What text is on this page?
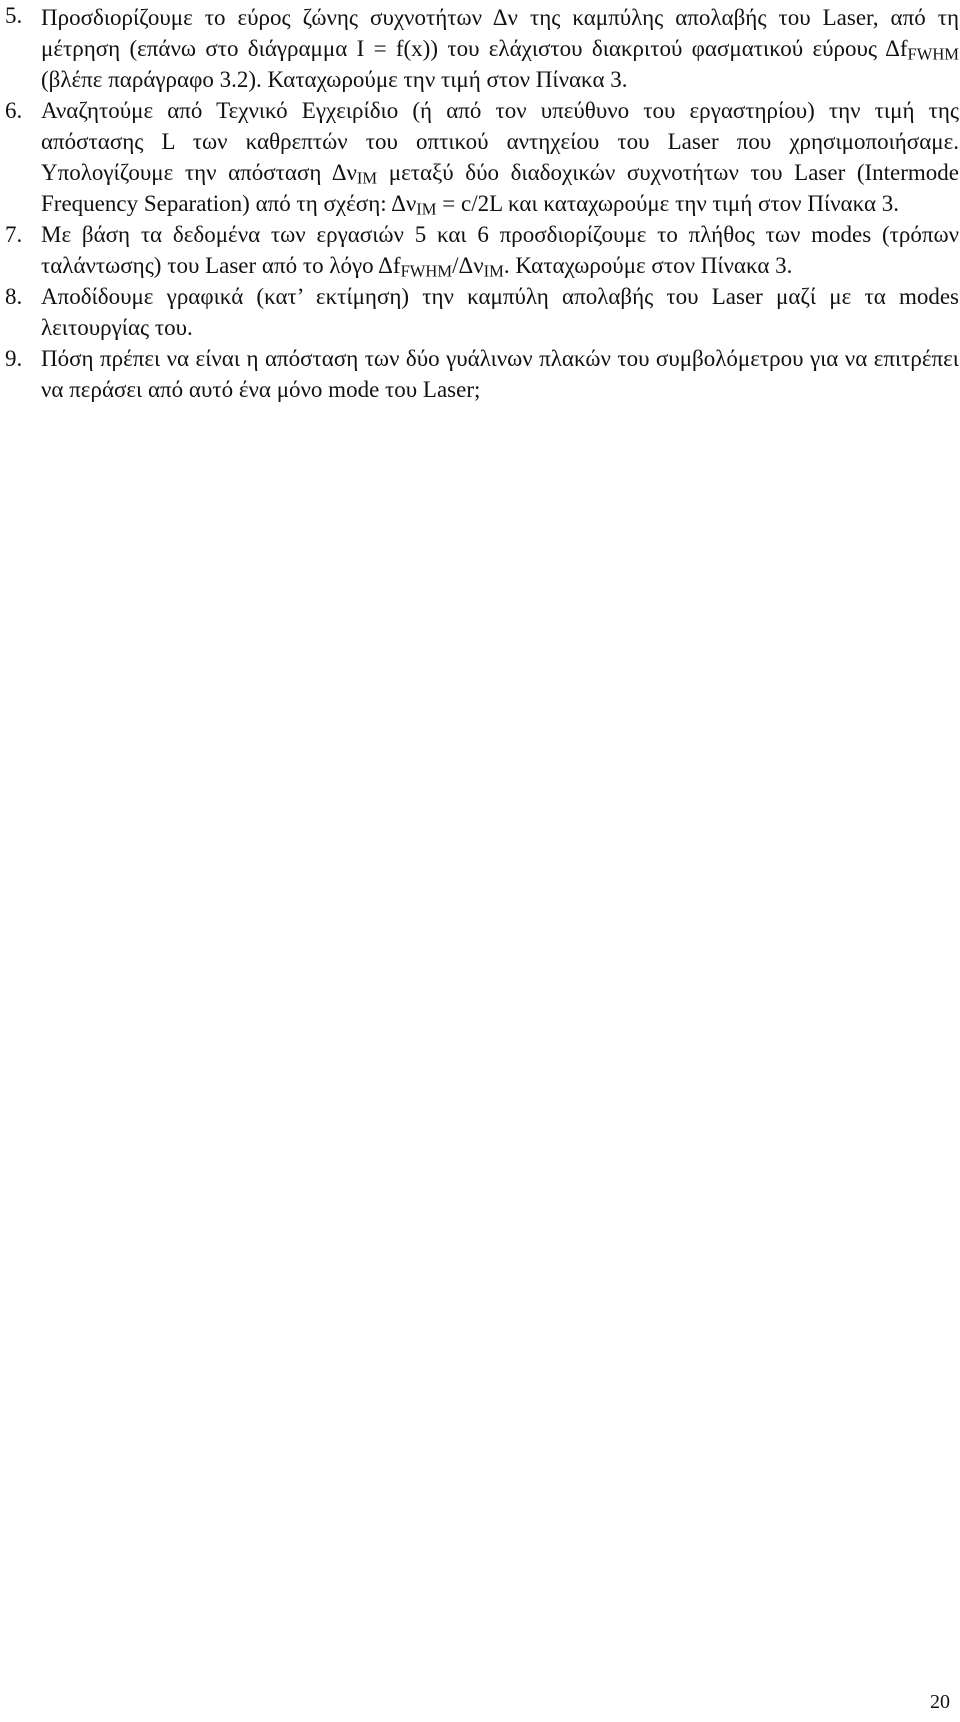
5. Προσδιορίζουμε το εύρος ζώνης συχνοτήτων Δν της καμπύλης απολαβής του Laser, από τη μέτρηση (επάνω στο διάγραμμα I = f(x)) του ελάχιστου διακριτού φασματικού εύρους $\Delta f_{FWHM}$ (βλέπε παράγραφο 3.2). Καταχωρούμε την τιμή στον Πίνακα 3.
6. Αναζητούμε από Τεχνικό Εγχειρίδιο (ή από τον υπεύθυνο του εργαστηρίου) την τιμή της απόστασης L των καθρεπτών του οπτικού αντηχείου του Laser που χρησιμοποιήσαμε. Υπολογίζουμε την απόσταση $\Delta\nu_{IM}$ μεταξύ δύο διαδοχικών συχνοτήτων του Laser (Intermode Frequency Separation) από τη σχέση: $\Delta\nu_{IM} = c/2L$ και καταχωρούμε την τιμή στον Πίνακα 3.
7. Με βάση τα δεδομένα των εργασιών 5 και 6 προσδιορίζουμε το πλήθος των modes (τρόπων ταλάντωσης) του Laser από το λόγο $\Delta f_{FWHM}/\Delta\nu_{IM}$. Καταχωρούμε στον Πίνακα 3.
8. Αποδίδουμε γραφικά (κατ’ εκτίμηση) την καμπύλη απολαβής του Laser μαζί με τα modes λειτουργίας του.
9. Πόση πρέπει να είναι η απόσταση των δύο γυάλινων πλακών του συμβολόμετρου για να επιτρέπει να περάσει από αυτό ένα μόνο mode του Laser;
20
